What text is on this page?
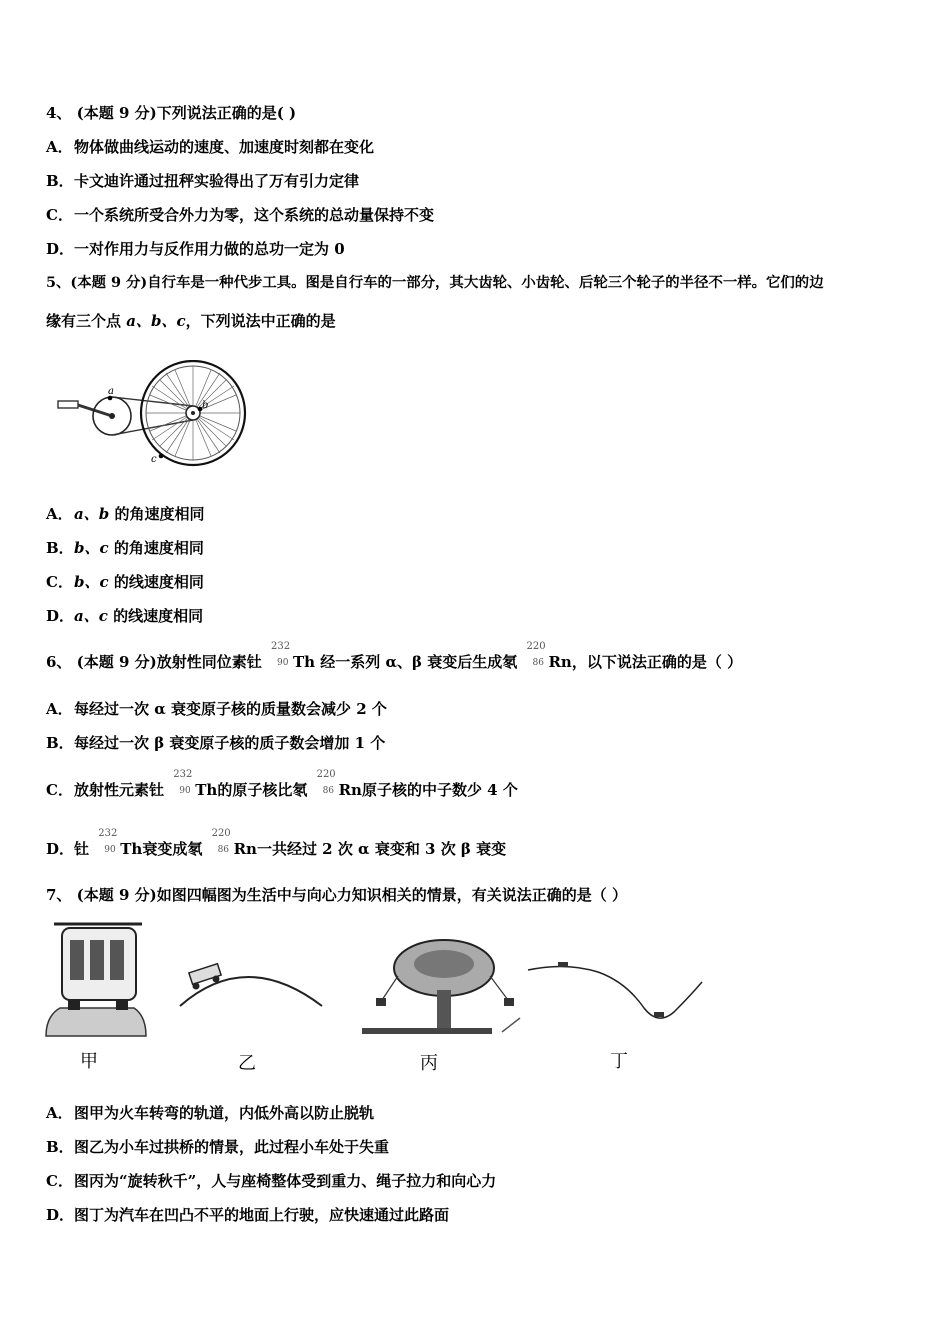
4、 (本题 9 分)下列说法正确的是( )
A．物体做曲线运动的速度、加速度时刻都在变化
B．卡文迪许通过扭秤实验得出了万有引力定律
C．一个系统所受合外力为零，这个系统的总动量保持不变
D．一对作用力与反作用力做的总功一定为 0
5、(本题 9 分)自行车是一种代步工具。图是自行车的一部分，其大齿轮、小齿轮、后轮三个轮子的半径不一样。它们的边
缘有三个点 a、b、c，下列说法中正确的是
a
b
c
A．a、b 的角速度相同
B．b、c 的角速度相同
C．b、c 的线速度相同
D．a、c 的线速度相同
6、 (本题 9 分)放射性同位素钍
232
90 Th 经一系列 α、β 衰变后生成氡
220
86 Rn，以下说法正确的是（ ）
A．每经过一次 α 衰变原子核的质量数会减少 2 个
B．每经过一次 β 衰变原子核的质子数会增加 1 个
C．放射性元素钍
232
90 Th的原子核比氡
220
86 Rn原子核的中子数少 4 个
D．钍
232
90 Th衰变成氡
220
86 Rn一共经过 2 次 α 衰变和 3 次 β 衰变
7、 (本题 9 分)如图四幅图为生活中与向心力知识相关的情景，有关说法正确的是（ ）
甲	乙	丙	丁
A．图甲为火车转弯的轨道，内低外高以防止脱轨
B．图乙为小车过拱桥的情景，此过程小车处于失重
C．图丙为“旋转秋千”，人与座椅整体受到重力、绳子拉力和向心力
D．图丁为汽车在凹凸不平的地面上行驶，应快速通过此路面
